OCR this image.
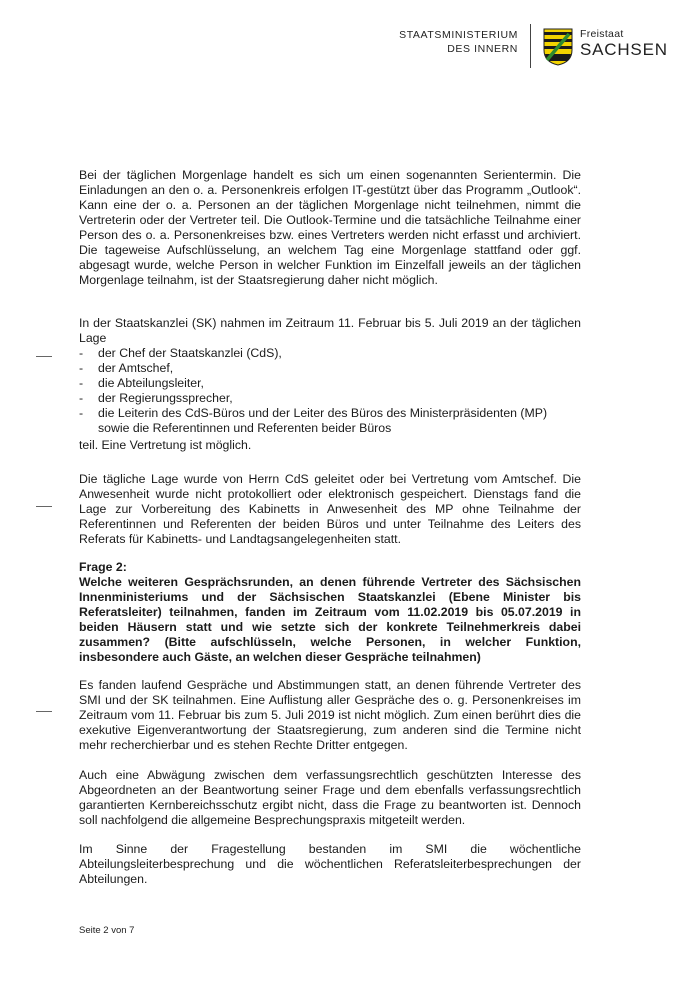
STAATSMINISTERIUM
DES INNERN
Freistaat
SACHSEN

Bei der täglichen Morgenlage handelt es sich um einen sogenannten Serientermin. Die Einladungen an den o. a. Personenkreis erfolgen IT-gestützt über das Programm „Outlook“. Kann eine der o. a. Personen an der täglichen Morgenlage nicht teilnehmen, nimmt die Vertreterin oder der Vertreter teil. Die Outlook-Termine und die tatsächliche Teilnahme einer Person des o. a. Personenkreises bzw. eines Vertreters werden nicht erfasst und archiviert. Die tageweise Aufschlüsselung, an welchem Tag eine Morgenlage stattfand oder ggf. abgesagt wurde, welche Person in welcher Funktion im Einzelfall jeweils an der täglichen Morgenlage teilnahm, ist der Staatsregierung daher nicht möglich.

In der Staatskanzlei (SK) nahmen im Zeitraum 11. Februar bis 5. Juli 2019 an der täglichen Lage

- der Chef der Staatskanzlei (CdS),
- der Amtschef,
- die Abteilungsleiter,
- der Regierungssprecher,
- die Leiterin des CdS-Büros und der Leiter des Büros des Ministerpräsidenten (MP) sowie die Referentinnen und Referenten beider Büros

teil. Eine Vertretung ist möglich.

Die tägliche Lage wurde von Herrn CdS geleitet oder bei Vertretung vom Amtschef. Die Anwesenheit wurde nicht protokolliert oder elektronisch gespeichert. Dienstags fand die Lage zur Vorbereitung des Kabinetts in Anwesenheit des MP ohne Teilnahme der Referentinnen und Referenten der beiden Büros und unter Teilnahme des Leiters des Referats für Kabinetts- und Landtagsangelegenheiten statt.

Frage 2:

Welche weiteren Gesprächsrunden, an denen führende Vertreter des Sächsischen Innenministeriums und der Sächsischen Staatskanzlei (Ebene Minister bis Referatsleiter) teilnahmen, fanden im Zeitraum vom 11.02.2019 bis 05.07.2019 in beiden Häusern statt und wie setzte sich der konkrete Teilnehmerkreis dabei zusammen? (Bitte aufschlüsseln, welche Personen, in welcher Funktion, insbesondere auch Gäste, an welchen dieser Gespräche teilnahmen)

Es fanden laufend Gespräche und Abstimmungen statt, an denen führende Vertreter des SMI und der SK teilnahmen. Eine Auflistung aller Gespräche des o. g. Personenkreises im Zeitraum vom 11. Februar bis zum 5. Juli 2019 ist nicht möglich. Zum einen berührt dies die exekutive Eigenverantwortung der Staatsregierung, zum anderen sind die Termine nicht mehr recherchierbar und es stehen Rechte Dritter entgegen.

Auch eine Abwägung zwischen dem verfassungsrechtlich geschützten Interesse des Abgeordneten an der Beantwortung seiner Frage und dem ebenfalls verfassungsrechtlich garantierten Kernbereichsschutz ergibt nicht, dass die Frage zu beantworten ist. Dennoch soll nachfolgend die allgemeine Besprechungspraxis mitgeteilt werden.

Im Sinne der Fragestellung bestanden im SMI die wöchentliche Abteilungsleiterbesprechung und die wöchentlichen Referatsleiterbesprechungen der Abteilungen.

Seite 2 von 7
